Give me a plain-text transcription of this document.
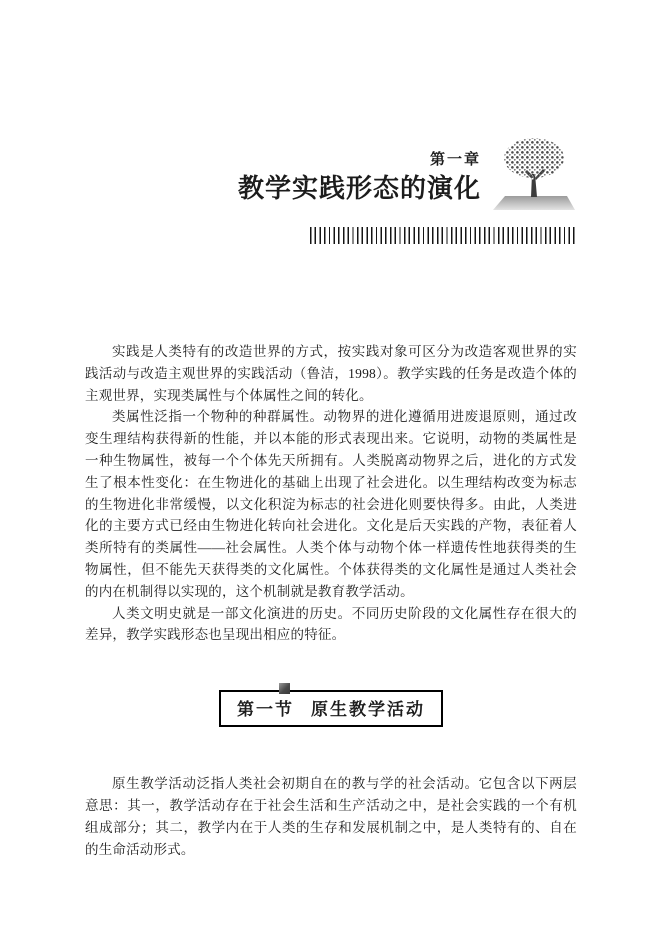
第一章
教学实践形态的演化

实践是人类特有的改造世界的方式，按实践对象可区分为改造客观世界的实践活动与改造主观世界的实践活动（鲁洁，1998）。教学实践的任务是改造个体的主观世界，实现类属性与个体属性之间的转化。

类属性泛指一个物种的种群属性。动物界的进化遵循用进废退原则，通过改变生理结构获得新的性能，并以本能的形式表现出来。它说明，动物的类属性是一种生物属性，被每一个个体先天所拥有。人类脱离动物界之后，进化的方式发生了根本性变化：在生物进化的基础上出现了社会进化。以生理结构改变为标志的生物进化非常缓慢，以文化积淀为标志的社会进化则要快得多。由此，人类进化的主要方式已经由生物进化转向社会进化。文化是后天实践的产物，表征着人类所特有的类属性——社会属性。人类个体与动物个体一样遗传性地获得类的生物属性，但不能先天获得类的文化属性。个体获得类的文化属性是通过人类社会的内在机制得以实现的，这个机制就是教育教学活动。

人类文明史就是一部文化演进的历史。不同历史阶段的文化属性存在很大的差异，教学实践形态也呈现出相应的特征。

第一节 原生教学活动

原生教学活动泛指人类社会初期自在的教与学的社会活动。它包含以下两层意思：其一，教学活动存在于社会生活和生产活动之中，是社会实践的一个有机组成部分；其二，教学内在于人类的生存和发展机制之中，是人类特有的、自在的生命活动形式。
